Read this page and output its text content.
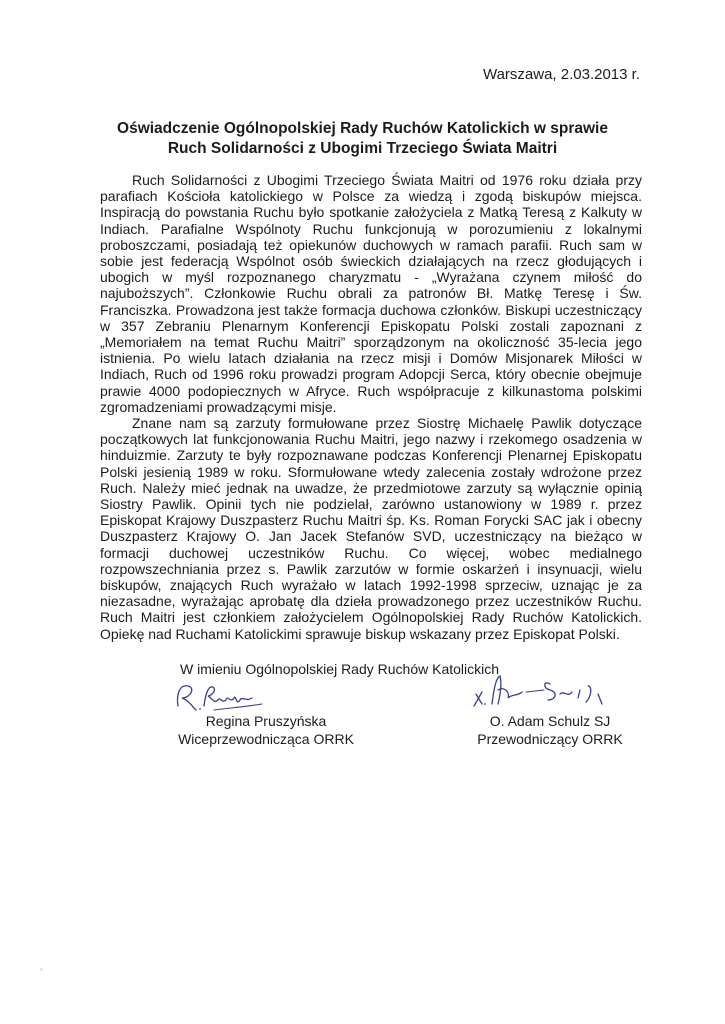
Warszawa, 2.03.2013 r.
Oświadczenie Ogólnopolskiej Rady Ruchów Katolickich w sprawie
Ruch Solidarności z Ubogimi Trzeciego Świata Maitri

Ruch Solidarności z Ubogimi Trzeciego Świata Maitri od 1976 roku działa przy parafiach Kościoła katolickiego w Polsce za wiedzą i zgodą biskupów miejsca. Inspiracją do powstania Ruchu było spotkanie założyciela z Matką Teresą z Kalkuty w Indiach. Parafialne Wspólnoty Ruchu funkcjonują w porozumieniu z lokalnymi proboszczami, posiadają też opiekunów duchowych w ramach parafii. Ruch sam w sobie jest federacją Wspólnot osób świeckich działających na rzecz głodujących i ubogich w myśl rozpoznanego charyzmatu - „Wyrażana czynem miłość do najuboższych”. Członkowie Ruchu obrali za patronów Bł. Matkę Teresę i Św. Franciszka. Prowadzona jest także formacja duchowa członków. Biskupi uczestniczący w 357 Zebraniu Plenarnym Konferencji Episkopatu Polski zostali zapoznani z „Memoriałem na temat Ruchu Maitri” sporządzonym na okoliczność 35-lecia jego istnienia. Po wielu latach działania na rzecz misji i Domów Misjonarek Miłości w Indiach, Ruch od 1996 roku prowadzi program Adopcji Serca, który obecnie obejmuje prawie 4000 podopiecznych w Afryce. Ruch współpracuje z kilkunastoma polskimi zgromadzeniami prowadzącymi misje.

Znane nam są zarzuty formułowane przez Siostrę Michaelę Pawlik dotyczące początkowych lat funkcjonowania Ruchu Maitri, jego nazwy i rzekomego osadzenia w hinduizmie. Zarzuty te były rozpoznawane podczas Konferencji Plenarnej Episkopatu Polski jesienią 1989 w roku. Sformułowane wtedy zalecenia zostały wdrożone przez Ruch. Należy mieć jednak na uwadze, że przedmiotowe zarzuty są wyłącznie opinią Siostry Pawlik. Opinii tych nie podzielał, zarówno ustanowiony w 1989 r. przez Episkopat Krajowy Duszpasterz Ruchu Maitri śp. Ks. Roman Forycki SAC jak i obecny Duszpasterz Krajowy O. Jan Jacek Stefanów SVD, uczestniczący na bieżąco w formacji duchowej uczestników Ruchu. Co więcej, wobec medialnego rozpowszechniania przez s. Pawlik zarzutów w formie oskarżeń i insynuacji, wielu biskupów, znających Ruch wyrażało w latach 1992-1998 sprzeciw, uznając je za niezasadne, wyrażając aprobatę dla dzieła prowadzonego przez uczestników Ruchu. Ruch Maitri jest członkiem założycielem Ogólnopolskiej Rady Ruchów Katolickich. Opiekę nad Ruchami Katolickimi sprawuje biskup wskazany przez Episkopat Polski.

W imieniu Ogólnopolskiej Rady Ruchów Katolickich
Regina Pruszyńska
Wiceprzewodnicząca ORRK
O. Adam Schulz SJ
Przewodniczący ORRK
